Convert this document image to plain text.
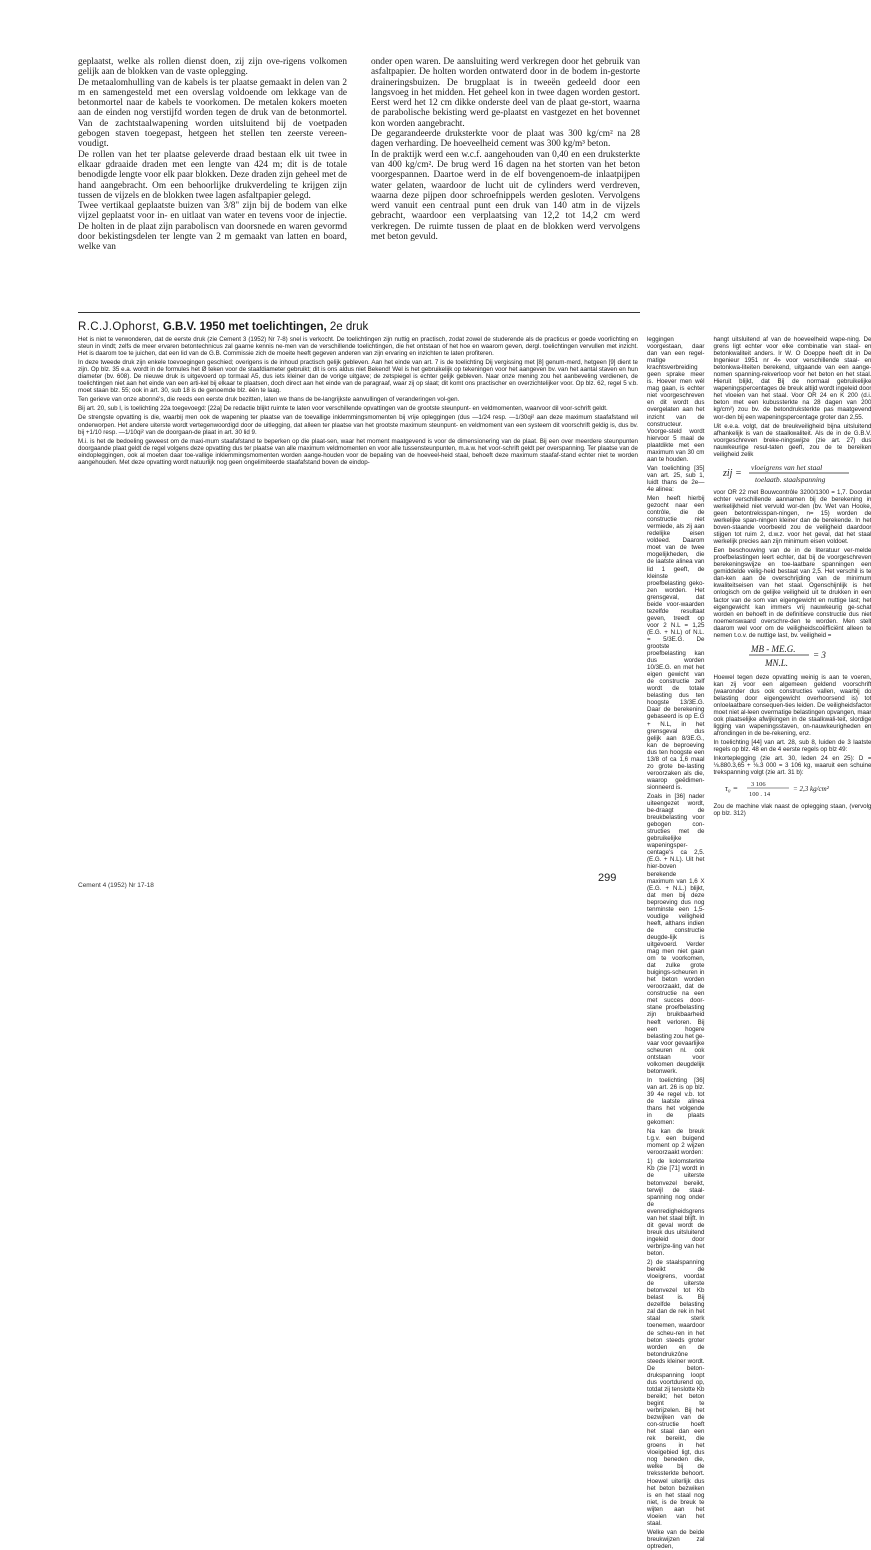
geplaatst, welke als rollen dienst doen, zij zijn ove-rigens volkomen gelijk aan de blokken van de vaste oplegging.

De metaalomhulling van de kabels is ter plaatse gemaakt in delen van 2 m en samengesteld met een overslag voldoende om lekkage van de betonmortel naar de kabels te voorkomen. De metalen kokers moeten aan de einden nog verstijfd worden tegen de druk van de betonmortel. Van de zachtstaalwapening worden uitsluitend bij de voetpaden gebogen staven toegepast, hetgeen het stellen ten zeerste vereen-voudigt.

De rollen van het ter plaatse geleverde draad bestaan elk uit twee in elkaar gdraaide draden met een lengte van 424 m; dit is de totale benodigde lengte voor elk paar blokken. Deze draden zijn geheel met de hand aangebracht. Om een behoorlijke drukverdeling te krijgen zijn tussen de vijzels en de blokken twee lagen asfaltpapier gelegd.

Twee vertikaal geplaatste buizen van 3/8" zijn bij de bodem van elke vijzel geplaatst voor in- en uitlaat van water en tevens voor de injectie. De holten in de plaat zijn paraboliscn van doorsnede en waren gevormd door bekistingsdelen ter lengte van 2 m gemaakt van latten en board, welke van

onder open waren. De aansluiting werd verkregen door het gebruik van asfaltpapier. De holten worden ontwaterd door in de bodem in-gestorte draineringsbuizen. De brugplaat is in tweeën gedeeld door een langsvoeg in het midden. Het geheel kon in twee dagen worden gestort. Eerst werd het 12 cm dikke onderste deel van de plaat ge-stort, waarna de parabolische bekisting werd ge-plaatst en vastgezet en het bovennet kon worden aangebracht.

De gegarandeerde druksterkte voor de plaat was 300 kg/cm² na 28 dagen verharding. De hoeveelheid cement was 300 kg/m³ beton.

In de praktijk werd een w.c.f. aangehouden van 0,40 en een druksterkte van 400 kg/cm². De brug werd 16 dagen na het storten van het beton voorgespannen. Daartoe werd in de elf bovengenoem-de inlaatpijpen water gelaten, waardoor de lucht uit de cylinders werd verdreven, waarna deze pijpen door schroefnippels werden gesloten. Vervolgens werd vanuit een centraal punt een druk van 140 atm in de vijzels gebracht, waardoor een verplaatsing van 12,2 tot 14,2 cm werd verkregen. De ruimte tussen de plaat en de blokken werd vervolgens met beton gevuld.

R.C.J.Ophorst, G.B.V. 1950 met toelichtingen, 2e druk

Het is niet te verwonderen, dat de eerste druk (zie Cement 3 (1952) Nr 7-8) snel is verkocht. De toelichtingen zijn nuttig en practisch, zodat zowel de studerende als de practicus er goede voorlichting en steun in vindt; zelfs de meer ervaren betontechnicus zal gaarne kennis ne-men van de verschillende toelichtingen, die het ontstaan of het hoe en waarom geven, dergl. toelichtingen vervullen met inzicht. Het is daarom toe te juichen, dat een lid van de G.B. Commissie zich de moeite heeft gegeven anderen van zijn ervaring en inzichten te laten profiteren.

In deze tweede druk zijn enkele toevoegingen geschied; overigens is de inhoud practisch gelijk gebleven. Aan het einde van art. 7 is de toelichting Dij vergissing met [8] genum-merd, hetgeen [9] dient te zijn. Op blz. 35 e.a. wordt in de formules het Ø teken voor de staafdiameter gebruikt; dit is ons aldus niet Bekend! Wel is het gebruikelijk op tekeningen voor het aangeven bv. van het aantal staven en hun diameter (bv. 608). De nieuwe druk is uitgevoerd op tormaal A5, dus iets kleiner dan de vorige uitgave; de zetspiegel is echter gelijk gebleven. Naar onze mening zou het aanbeveling verdienen, de toelichtingen niet aan het einde van een arti-kel bij elkaar te plaatsen, doch direct aan het einde van de paragraaf, waar zij op slaat; dit komt ons practischer en overzichtelijker voor. Op blz. 62, regel 5 v.b. moet staan blz. 55; ook in art. 30, sub 18 is de genoemde blz. één te laag.

Ten gerieve van onze abonné's, die reeds een eerste druk bezitten, laten we thans de be-langrijkste aanvullingen of veranderingen vol-gen.

Bij art. 20, sub I, is toelichting 22a toegevoegd: [22a] De redactie blijkt ruimte te laten voor verschillende opvattingen van de grootste steunpunt- en veldmomenten, waarvoor dil voor-schrift geldt.

De strengste opvatting is die, waarbij men ook de wapening ter plaatse van de toevallige inklemmingsmomenten bij vrije opleggingen (dus —1/24 resp. —1/30qi² aan deze maximum staafafstand wil onderworpen. Het andere uiterste wordt vertegenwoordigd door de uitlegging, dat alleen ter plaatse van het grootste maximum steunpunt- en veldmoment van een systeem dit voorschrift geldig is, dus bv. bij +1/10 resp. —1/10qi² van de doorgaan-de plaat in art. 30 lid 9.

M.i. is het de bedoeling geweest om de maxi-mum staafafstand te beperken op die plaat-sen, waar het moment maatgevend is voor de dimensionering van de plaat. Bij een over meerdere steunpunten doorgaande plaat geldt de regel volgens deze opvatting dus ter plaatse van alle maximum veldmomenten en voor alle tussensteunpunten, m.a.w. het voor-schrift geldt per overspanning. Ter plaatse van de eindopleggingen, ook al moeten daar toe-vallige inklemmingsmomenten worden aange-houden voor de bepaling van de hoeveel-heid staal, behoeft deze maximum staafaf-stand echter niet te worden aangehouden. Met deze opvatting wordt natuurlijk nog geen ongelimiteerde staafafstand boven de eindop-

leggingen voorgestaan, daar dan van een regel-matige krachtsverbreiding geen sprake meer is. Hoever men wél mag gaan, is echter niet voorgeschreven en dit wordt dus overgelaten aan het inzicht van de constructeur. Voorge-steld wordt hiervoor 5 maal de plaatdikte met een maximum van 30 cm aan te houden.

Van toelichting [35] van art. 25, sub 1, luidt thans de 2e—4e alinea:

Men heeft hierbij gezocht naar een contrôle, die de constructie niet vermiede, als zij aan redelijke eisen voldeed. Daarom moet van de twee mogelijkheden, die de laatste alinea van lid 1 geeft, de kleinste proefbelasting geko-zen worden. Het grensgeval, dat beide voor-waarden tezelfde resultaat geven, treedt op voor 2 N.L = 1,25 (E.G. + N.L) of N.L. = 5/3E.G. De grootste proefbelasting kan dus worden 10/3E.G. en met het eigen gewicht van de constructie zelf wordt de totale belasting dus ten hoogste 13/3E.G. Daar de berekening gebaseerd is op E.G + N.L, in het grensgeval dus gelijk aan 8/3E.G., kan de beproeving dus ten hoogste een 13/8 of ca 1,6 maal zo grote be-lasting veroorzaken als die, waarop geëdimen-sionneerd is.

Zoals in [36] nader uiteengezet wordt, be-draagt de breukbelasting voor gebogen con-structies met de gebruikelijke wapeningsper-centage's ca 2,5. (E.G. + N.L). Uit het hier-boven berekende maximum van 1,6 X (E.G. + N.L.) blijkt, dat men bij deze beproeving dus nog tenminste een 1,5-voudige veiligheid heeft, althans indien de constructie deugde-lijk is uitgevoerd. Verder mag men niet gaan om te voorkomen, dat zulke grote buigings-scheuren in het beton worden veroorzaakt, dat de constructie na een met succes door-stane proefbelasting zijn bruikbaarheid heeft verloren. Bij een hogere belasting zou het ge-vaar voor gevaarlijke scheuren nl. ook ontstaan voor volkomen deugdelijk betonwerk.

In toelichting [36] van art. 26 is op blz. 39 4e regel v.b. tot de laatste alinea thans het volgende in de plaats gekomen:

Na kan de breuk t.g.v. een buigend moment op 2 wijzen veroorzaakt worden:

1) de kolomsterkte Kb (zie [71] wordt in de uiterste betonvezel bereikt, terwijl de staal-spanning nog onder de evenredigheidsgrens van het staal blijft. In dit geval wordt de breuk dus uitsluitend ingeleid door verbrijze-ling van het beton.

2) de staalspanning bereikt de vloeigrens, voordat de uiterste betonvezel tot Kb belast is. Bij dezelfde belasting zal dan de rek in het staal sterk toenemen, waardoor de scheu-ren in het beton steeds groter worden en de betondrukzône steeds kleiner wordt. De beton-drukspanning loopt dus voortdurend op, totdat zij tenslotte Kb bereikt; het beton begint te verbrijzelen. Bij het bezwijken van de con-structie hoeft het staal dan een rek bereikt, die groens in het vloeigebied ligt, dus nog beneden die, welke bij de trekssterkte behoort. Hoewel uiterlijk dus het beton bezwiken is en het staal nog niet, is de breuk te wijten aan het vloeien van het staal.

Welke van de beide breukwijzen zal optreden,

hangt uitsluitend af van de hoeveelheid wape-ning. De grens ligt echter voor elke combinatie van staal- en betonkwaliteit anders. Ir W. O Doeppe heeft dit in De Ingenieur 1951 nr 4» voor verschillende staal- en betonkwa-liteiten berekend, uitgaande van een aange-nomen spanning-rekverloop voor het beton en het staal. Hieruit blijkt, dat Bij de normaal gebruikelijke wapeningspercentages de breuk altijd wordt ingeleid door het vloeien van het staal. Voor OR 24 en K 200 (d.i. beton met een kubussterkte na 28 dagen van 200 kg/cm²) zou bv. de betondruksterkte pas maatgevend wor-den bij een wapeningspercentage groter dan 2,55.

Uit e.e.a. volgt, dat de breukveiligheid bijna uitsluitend afhankelijk is van de staalkwaliteit. Als de in de G.B.V. voorgeschreven breke-ningswijze (zie art. 27) dus nauwkeurige resul-taten geeft, zou de te bereiken veiligheid zelik

zij =
vloeigrens van het staal
toelaatb. staalspanning

voor OR 22 met Bouwcontrôle 3200/1300 = 1,7. Doordat echter verschillende aannamen bij de berekening in werkelijkheid niet vervuld wor-den (bv. Wet van Hooke, geen betontreksspan-ningen, n= 15) worden de werkelijke span-ningen kleiner dan de berekende. In het boven-staande voorbeeld zou de veiligheid daardoor stijgen tot ruim 2, d.w.z. voor het geval, dat het staal werkelijk precies aan zijn minimum eisen voldoet.

Een beschouwing van de in de literatuur ver-melde proefbelastingen leert echter, dat bij de voorgeschreven berekeningswijze en toe-laatbare spanningen een gemiddelde veilig-heid bestaat van 2,5. Het verschil is te dan-ken aan de overschrijding van de minimum kwaliteitseisen van het staal. Ogenschijnlijk is het onlogisch om de gelijke veiligheid uit te drukken in een factor van de som van eigengewicht en nuttige last; het eigengewicht kan immers vrij nauwkeurig ge-schat worden en behoeft in de definitieve constructie dus niet noemenswaard overschre-den te worden. Men stelt daarom wel voor om de veiligheidscoëfficiënt alleen te nemen t.o.v. de nuttige last, bv. veiligheid =

MB - ME.G.
= 3
MN.L.

Hoewel tegen deze opvatting weinig is aan te voeren, kan zij voor een algemeen geldend voorschrift (waaronder dus ook constructies vallen, waarbij do belasting door eigengewicht overhoorsend is) tot onloelaatbare consequen-ties leiden. De veiligheidsfactor moet niet al-leen overmatige belastingen opvangen, maar ook plaatselijke afwijkingen in de staalkwali-teit, slordige ligging van wapeningsstaven, on-nauwkeurigheden en afrondingen in de be-rekening, enz.

In toelichting [44] van art. 28, sub 8, luiden de 3 laatste regels op blz. 48 en de 4 eerste regels op blz 49:

Inkorteplegging (zie art. 30, leden 24 en 25): D = ⅛.880.3,65 + ⅛.3 000 = 3 106 kg, waaruit een schuine trekspanning volgt (zie art. 31 b):

τ₀ = 3 106
100 . 14
= 2,3 kg/cm²

Zou de machine vlak naast de oplegging staan, (vervolg op blz. 312)

Cement 4 (1952) Nr 17-18
299
